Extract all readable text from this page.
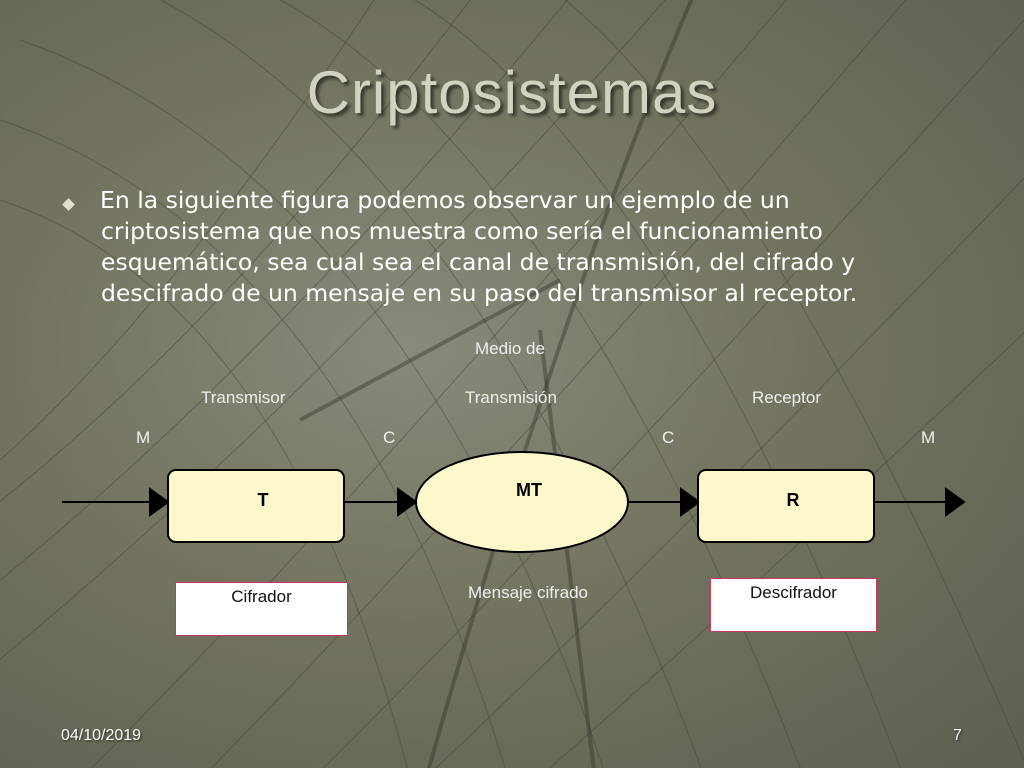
Criptosistemas
En la siguiente figura podemos observar un ejemplo de un criptosistema que nos muestra como sería el funcionamiento esquemático, sea cual sea el canal de transmisión, del cifrado y descifrado de un mensaje en su paso del transmisor al receptor.
T	MT	R
Medio de
Transmisión
Transmisor	Receptor
M	C	C	M
Mensaje cifrado
Cifrador	Descifrador
04/10/2019	7
